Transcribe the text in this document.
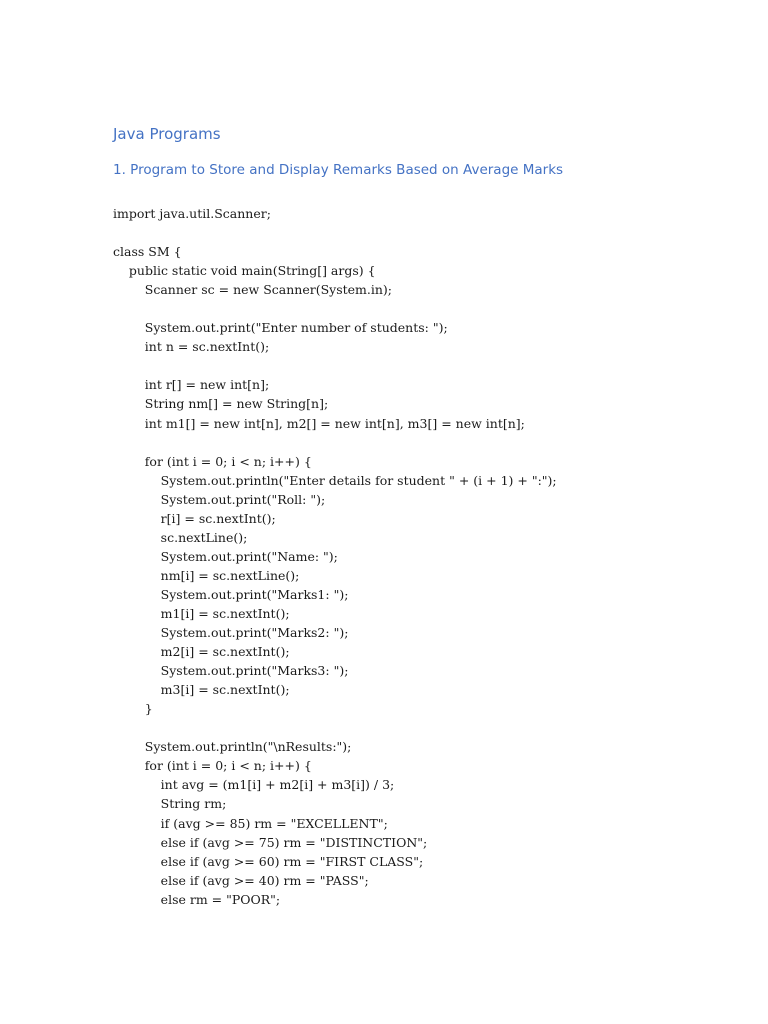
Java Programs
1. Program to Store and Display Remarks Based on Average Marks
import java.util.Scanner;
class SM {
public static void main(String[] args) {
Scanner sc = new Scanner(System.in);
System.out.print("Enter number of students: ");
int n = sc.nextInt();
int r[] = new int[n];
String nm[] = new String[n];
int m1[] = new int[n], m2[] = new int[n], m3[] = new int[n];
for (int i = 0; i < n; i++) {
System.out.println("Enter details for student " + (i + 1) + ":");
System.out.print("Roll: ");
r[i] = sc.nextInt();
sc.nextLine();
System.out.print("Name: ");
nm[i] = sc.nextLine();
System.out.print("Marks1: ");
m1[i] = sc.nextInt();
System.out.print("Marks2: ");
m2[i] = sc.nextInt();
System.out.print("Marks3: ");
m3[i] = sc.nextInt();
}
System.out.println("\nResults:");
for (int i = 0; i < n; i++) {
int avg = (m1[i] + m2[i] + m3[i]) / 3;
String rm;
if (avg >= 85) rm = "EXCELLENT";
else if (avg >= 75) rm = "DISTINCTION";
else if (avg >= 60) rm = "FIRST CLASS";
else if (avg >= 40) rm = "PASS";
else rm = "POOR";
